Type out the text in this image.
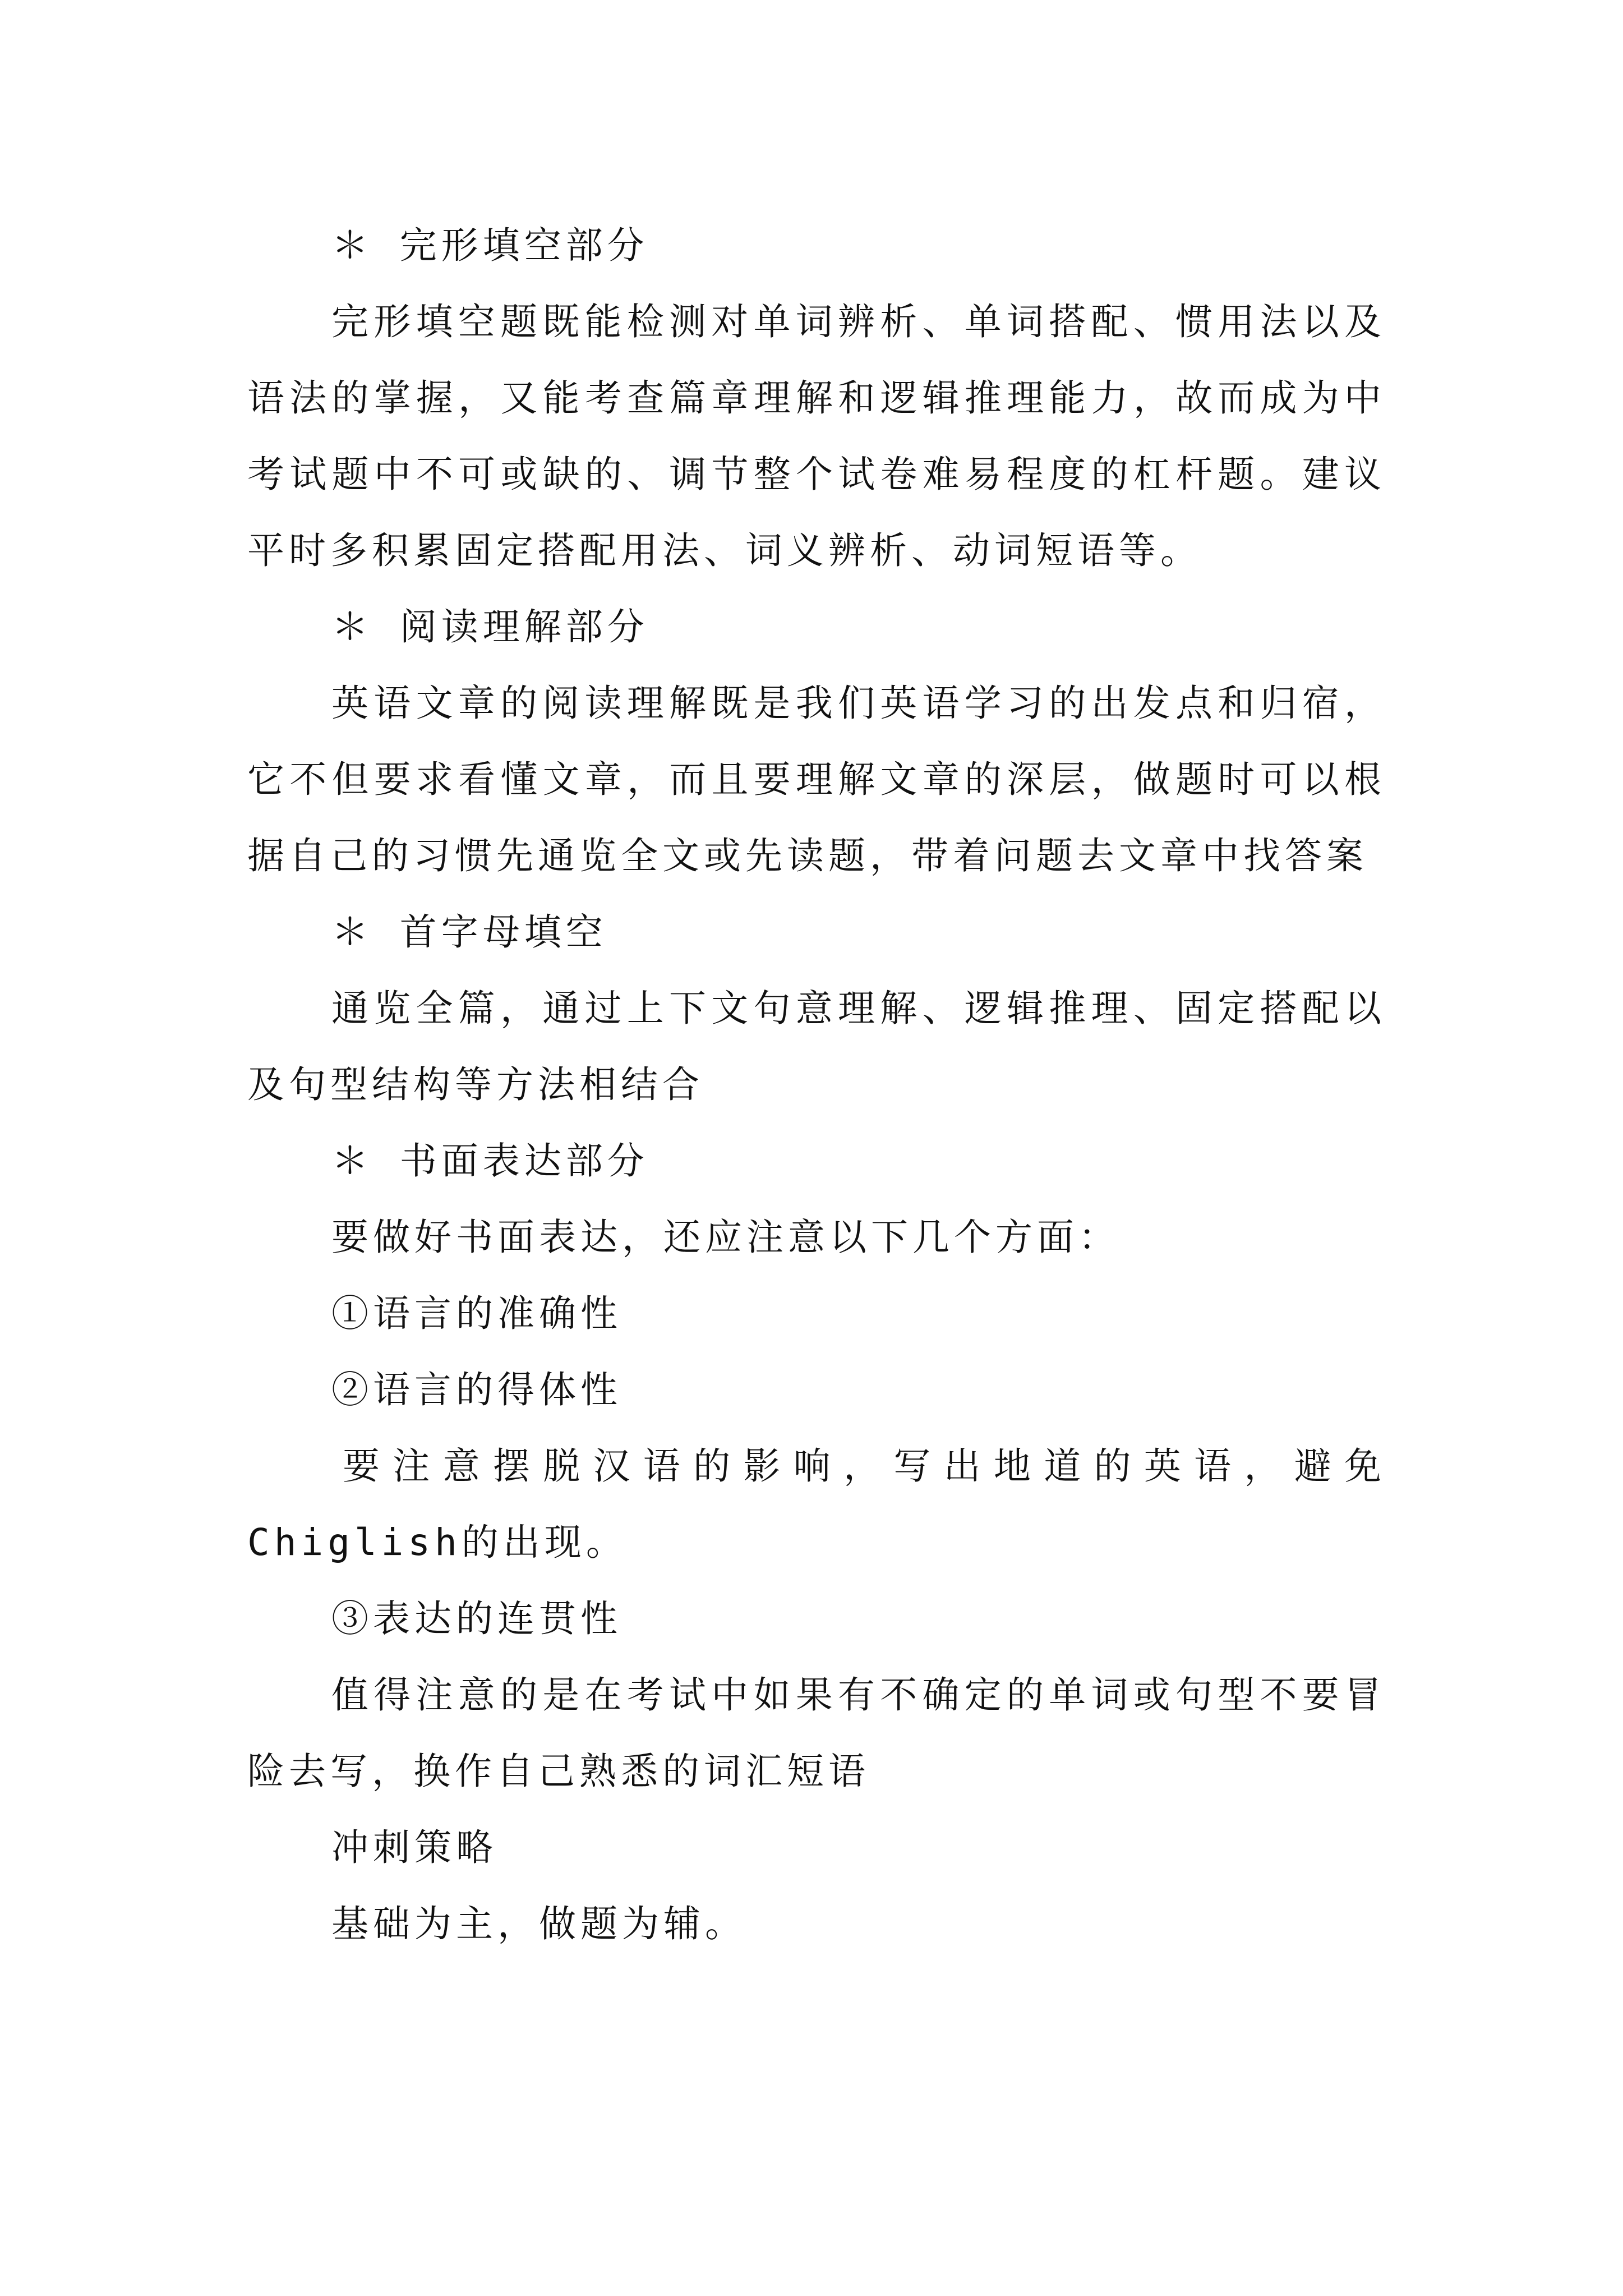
＊ 完形填空部分

完形填空题既能检测对单词辨析、单词搭配、惯用法以及语法的掌握，又能考查篇章理解和逻辑推理能力，故而成为中考试题中不可或缺的、调节整个试卷难易程度的杠杆题。建议平时多积累固定搭配用法、词义辨析、动词短语等。

＊ 阅读理解部分

英语文章的阅读理解既是我们英语学习的出发点和归宿，它不但要求看懂文章，而且要理解文章的深层，做题时可以根据自己的习惯先通览全文或先读题，带着问题去文章中找答案

＊ 首字母填空

通览全篇，通过上下文句意理解、逻辑推理、固定搭配以及句型结构等方法相结合

＊ 书面表达部分

要做好书面表达，还应注意以下几个方面：

①语言的准确性

②语言的得体性

要注意摆脱汉语的影响，写出地道的英语，避免Chiglish的出现。

③表达的连贯性

值得注意的是在考试中如果有不确定的单词或句型不要冒险去写，换作自己熟悉的词汇短语

冲刺策略

基础为主，做题为辅。
